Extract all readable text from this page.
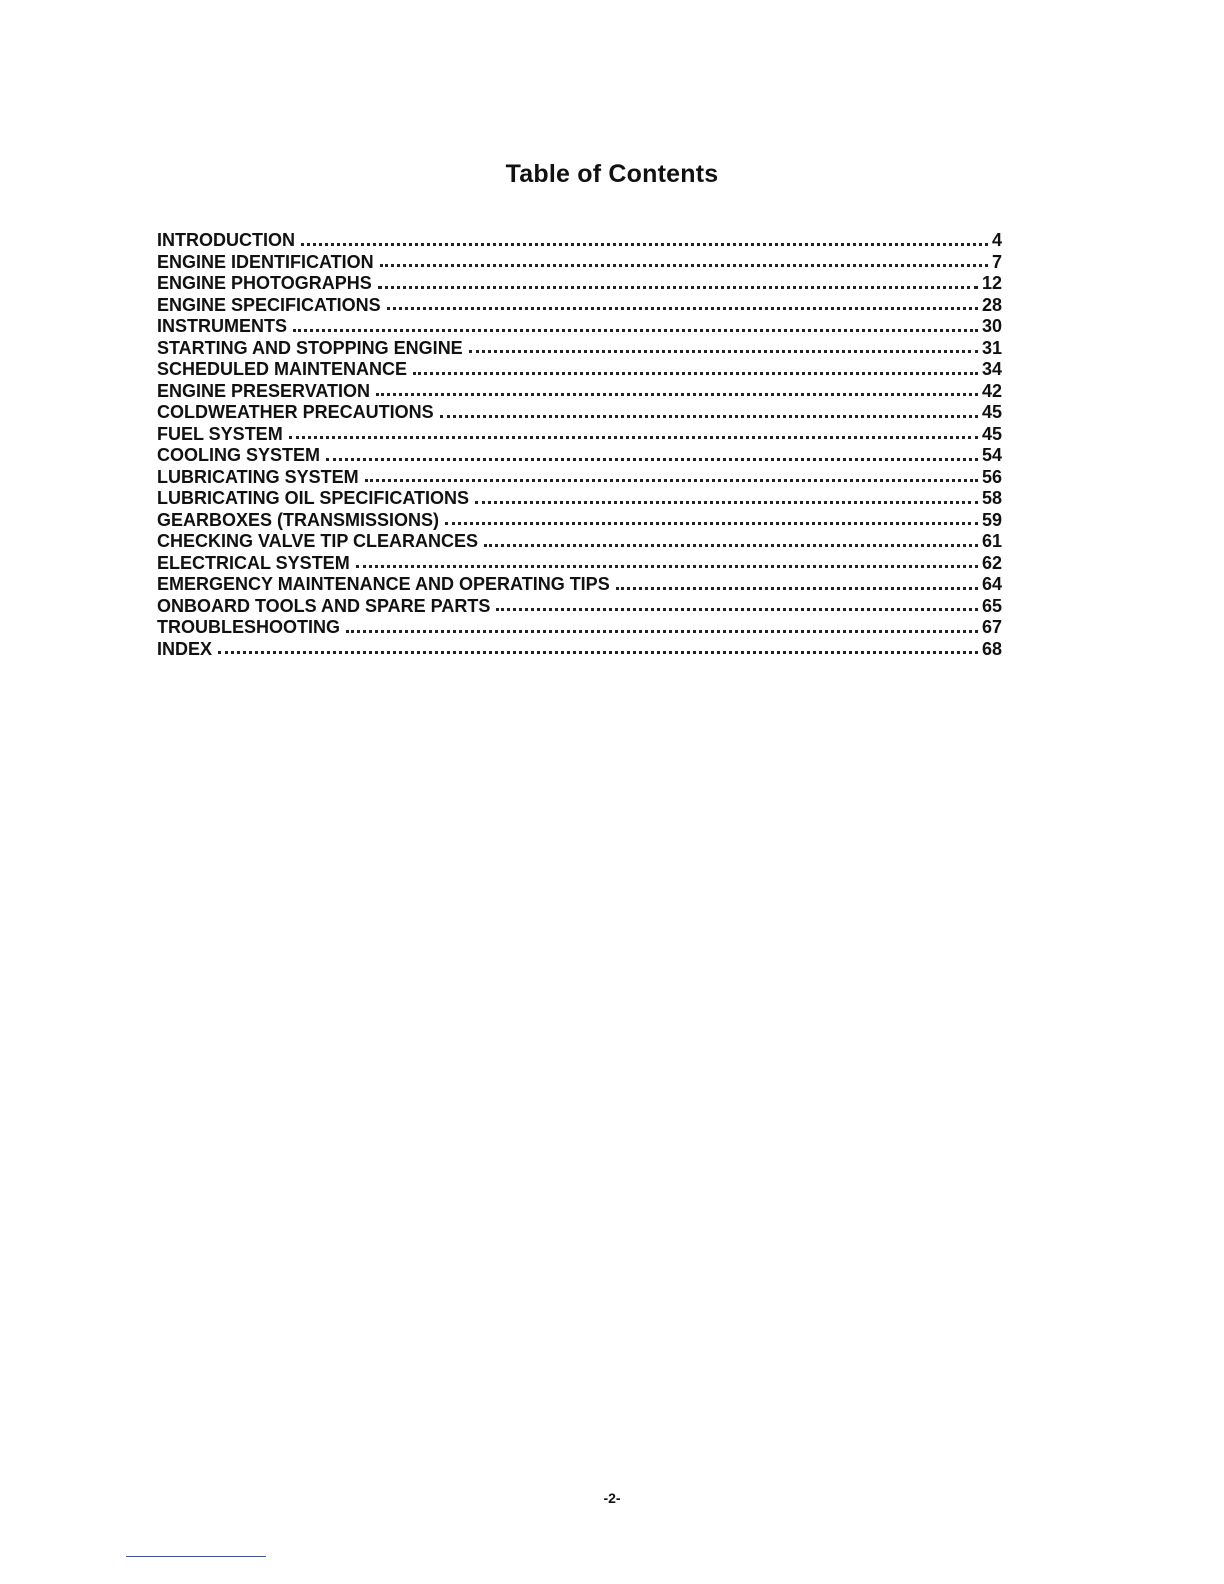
Table of Contents
INTRODUCTION	4
ENGINE IDENTIFICATION	7
ENGINE PHOTOGRAPHS	12
ENGINE SPECIFICATIONS	28
INSTRUMENTS	30
STARTING AND STOPPING ENGINE	31
SCHEDULED MAINTENANCE	34
ENGINE PRESERVATION	42
COLDWEATHER PRECAUTIONS	45
FUEL SYSTEM	45
COOLING SYSTEM	54
LUBRICATING SYSTEM	56
LUBRICATING OIL SPECIFICATIONS	58
GEARBOXES (TRANSMISSIONS)	59
CHECKING VALVE TIP CLEARANCES	61
ELECTRICAL SYSTEM	62
EMERGENCY MAINTENANCE AND OPERATING TIPS	64
ONBOARD TOOLS AND SPARE PARTS	65
TROUBLESHOOTING	67
INDEX	68
-2-
